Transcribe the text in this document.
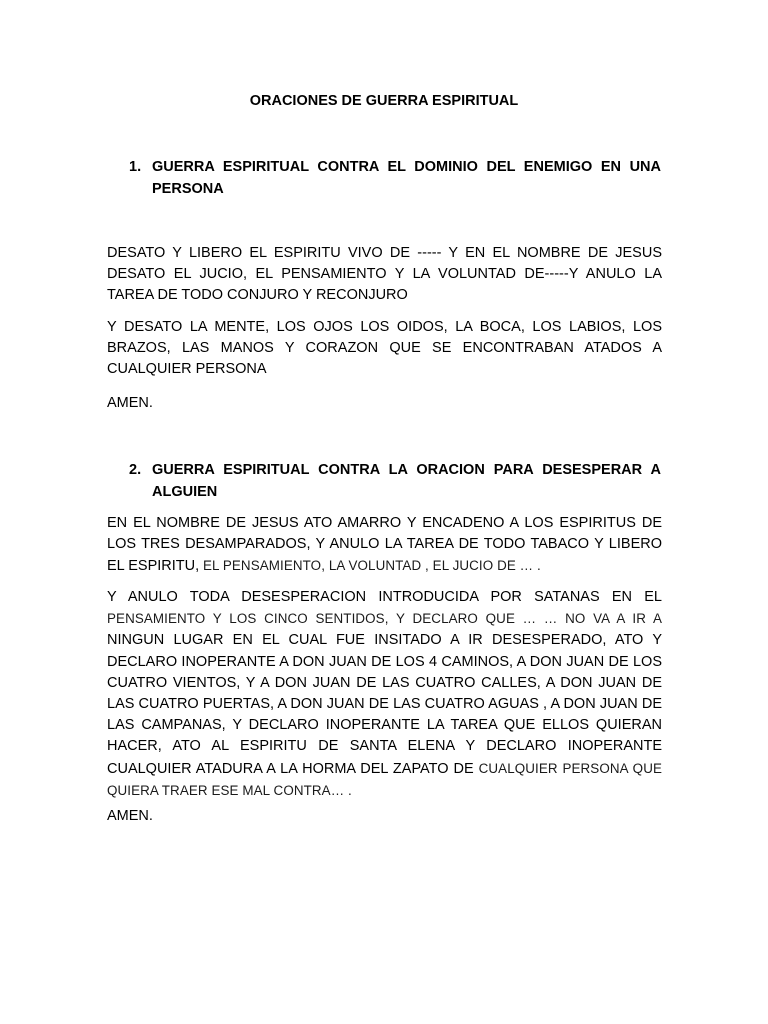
ORACIONES DE GUERRA ESPIRITUAL
1. GUERRA ESPIRITUAL CONTRA EL DOMINIO DEL ENEMIGO EN UNA PERSONA

DESATO Y LIBERO EL ESPIRITU VIVO DE ----- Y EN EL NOMBRE DE JESUS DESATO EL JUCIO, EL PENSAMIENTO Y LA VOLUNTAD DE-----Y ANULO LA TAREA DE TODO CONJURO Y RECONJURO

Y DESATO LA MENTE, LOS OJOS LOS OIDOS, LA BOCA, LOS LABIOS, LOS BRAZOS, LAS MANOS Y CORAZON QUE SE ENCONTRABAN ATADOS A CUALQUIER PERSONA

AMEN.

2. GUERRA ESPIRITUAL CONTRA LA ORACION PARA DESESPERAR A ALGUIEN

EN EL NOMBRE DE JESUS ATO AMARRO Y ENCADENO A LOS ESPIRITUS DE LOS TRES DESAMPARADOS, Y ANULO LA TAREA DE TODO TABACO Y LIBERO EL ESPIRITU, EL PENSAMIENTO, LA VOLUNTAD , EL JUCIO DE … .

Y ANULO TODA DESESPERACION INTRODUCIDA POR SATANAS EN EL PENSAMIENTO Y LOS CINCO SENTIDOS, Y DECLARO QUE … … NO VA A IR A NINGUN LUGAR EN EL CUAL FUE INSITADO A IR DESESPERADO, ATO Y DECLARO INOPERANTE A DON JUAN DE LOS 4 CAMINOS, A DON JUAN DE LOS CUATRO VIENTOS, Y A DON JUAN DE LAS CUATRO CALLES, A DON JUAN DE LAS CUATRO PUERTAS, A DON JUAN DE LAS CUATRO AGUAS , A DON JUAN DE LAS CAMPANAS, Y DECLARO INOPERANTE LA TAREA QUE ELLOS QUIERAN HACER, ATO AL ESPIRITU DE SANTA ELENA Y DECLARO INOPERANTE CUALQUIER ATADURA A LA HORMA DEL ZAPATO DE CUALQUIER PERSONA QUE QUIERA TRAER ESE MAL CONTRA… .

AMEN.
